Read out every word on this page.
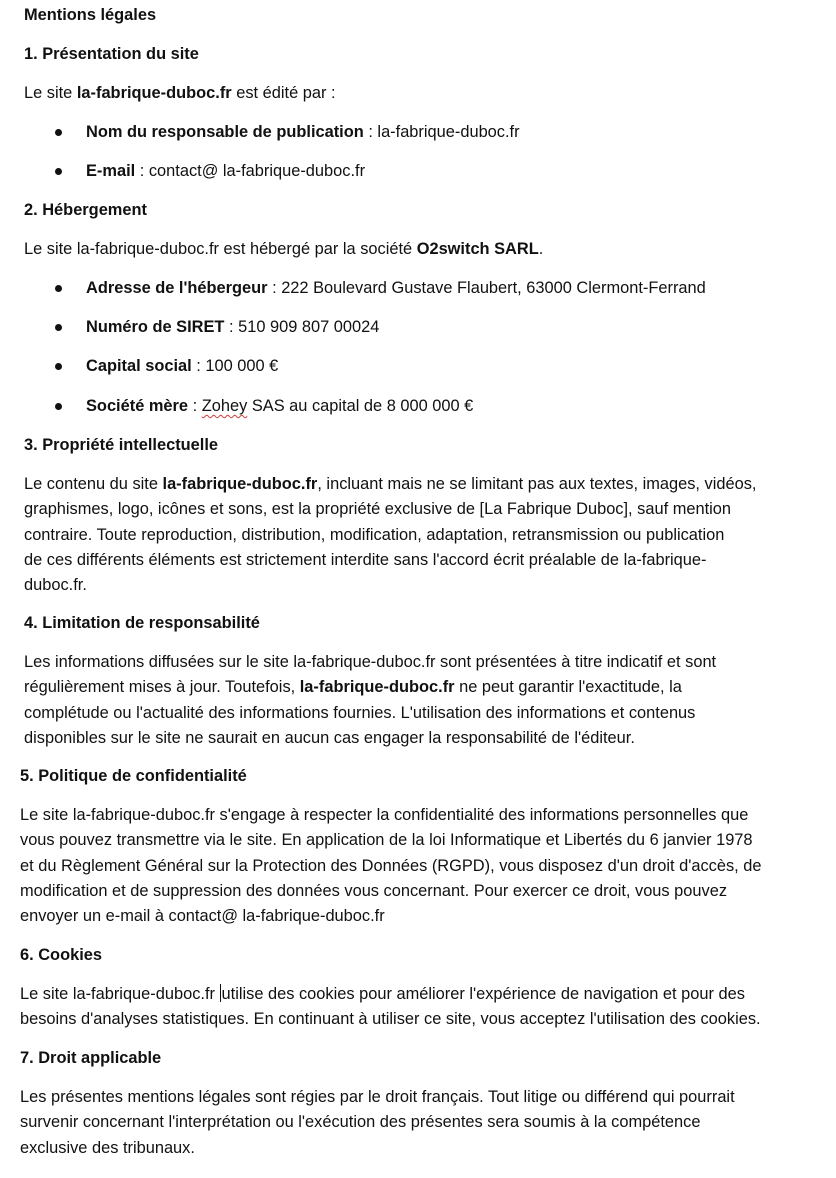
Mentions légales
1. Présentation du site
Le site la-fabrique-duboc.fr est édité par :
Nom du responsable de publication : la-fabrique-duboc.fr
E-mail : contact@ la-fabrique-duboc.fr
2. Hébergement
Le site la-fabrique-duboc.fr est hébergé par la société O2switch SARL.
Adresse de l'hébergeur : 222 Boulevard Gustave Flaubert, 63000 Clermont-Ferrand
Numéro de SIRET : 510 909 807 00024
Capital social : 100 000 €
Société mère : Zohey SAS au capital de 8 000 000 €
3. Propriété intellectuelle
Le contenu du site la-fabrique-duboc.fr, incluant mais ne se limitant pas aux textes, images, vidéos,
graphismes, logo, icônes et sons, est la propriété exclusive de [La Fabrique Duboc], sauf mention
contraire. Toute reproduction, distribution, modification, adaptation, retransmission ou publication
de ces différents éléments est strictement interdite sans l'accord écrit préalable de la-fabrique-
duboc.fr.
4. Limitation de responsabilité
Les informations diffusées sur le site la-fabrique-duboc.fr sont présentées à titre indicatif et sont
régulièrement mises à jour. Toutefois, la-fabrique-duboc.fr ne peut garantir l'exactitude, la
complétude ou l'actualité des informations fournies. L'utilisation des informations et contenus
disponibles sur le site ne saurait en aucun cas engager la responsabilité de l'éditeur.
5. Politique de confidentialité
Le site la-fabrique-duboc.fr s'engage à respecter la confidentialité des informations personnelles que
vous pouvez transmettre via le site. En application de la loi Informatique et Libertés du 6 janvier 1978
et du Règlement Général sur la Protection des Données (RGPD), vous disposez d'un droit d'accès, de
modification et de suppression des données vous concernant. Pour exercer ce droit, vous pouvez
envoyer un e-mail à contact@ la-fabrique-duboc.fr
6. Cookies
Le site la-fabrique-duboc.fr utilise des cookies pour améliorer l'expérience de navigation et pour des
besoins d'analyses statistiques. En continuant à utiliser ce site, vous acceptez l'utilisation des cookies.
7. Droit applicable
Les présentes mentions légales sont régies par le droit français. Tout litige ou différend qui pourrait
survenir concernant l'interprétation ou l'exécution des présentes sera soumis à la compétence
exclusive des tribunaux.
